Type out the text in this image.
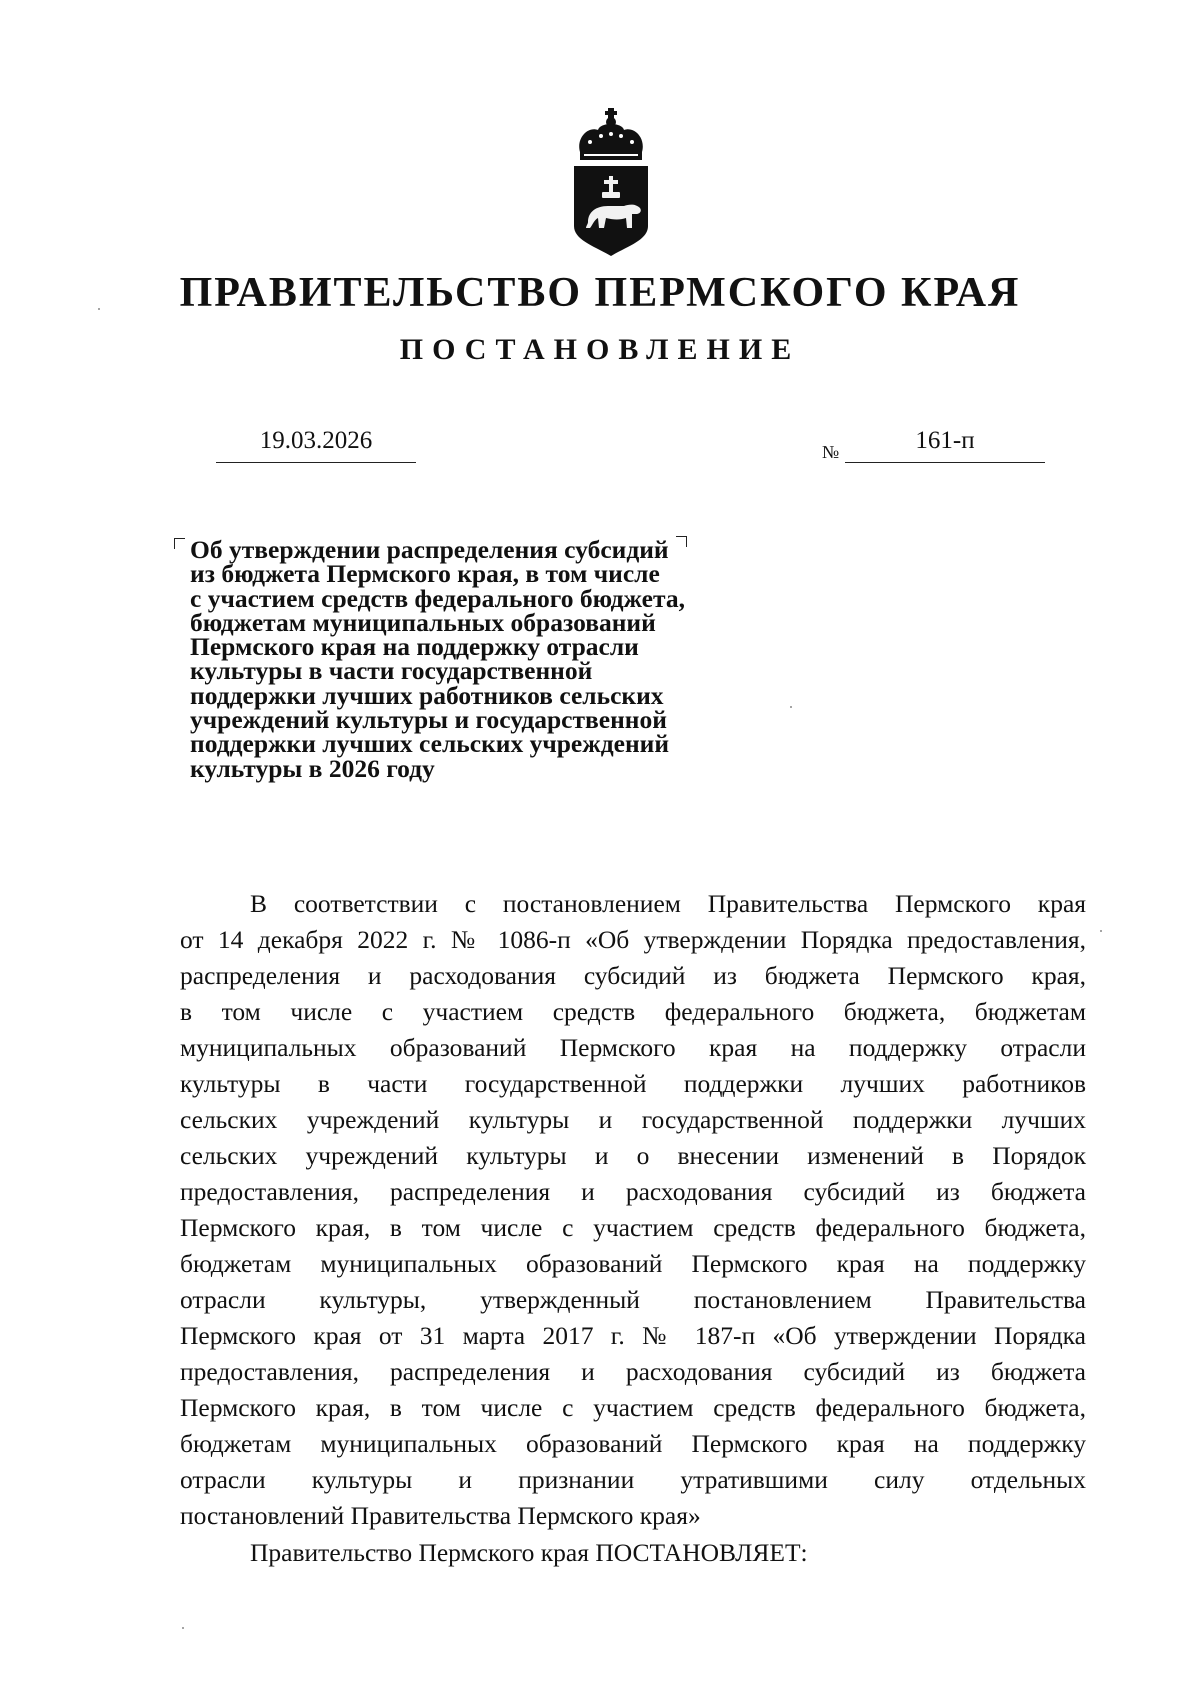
ПРАВИТЕЛЬСТВО ПЕРМСКОГО КРАЯ
ПОСТАНОВЛЕНИЕ
19.03.2026	№	161-п
Об утверждении распределения субсидий
из бюджета Пермского края, в том числе
с участием средств федерального бюджета,
бюджетам муниципальных образований
Пермского края на поддержку отрасли
культуры в части государственной
поддержки лучших работников сельских
учреждений культуры и государственной
поддержки лучших сельских учреждений
культуры в 2026 году
В соответствии с постановлением Правительства Пермского края
от 14 декабря 2022 г. № 1086-п «Об утверждении Порядка предоставления,
распределения и расходования субсидий из бюджета Пермского края,
в том числе с участием средств федерального бюджета, бюджетам
муниципальных образований Пермского края на поддержку отрасли
культуры в части государственной поддержки лучших работников
сельских учреждений культуры и государственной поддержки лучших
сельских учреждений культуры и о внесении изменений в Порядок
предоставления, распределения и расходования субсидий из бюджета
Пермского края, в том числе с участием средств федерального бюджета,
бюджетам муниципальных образований Пермского края на поддержку
отрасли культуры, утвержденный постановлением Правительства
Пермского края от 31 марта 2017 г. № 187-п «Об утверждении Порядка
предоставления, распределения и расходования субсидий из бюджета
Пермского края, в том числе с участием средств федерального бюджета,
бюджетам муниципальных образований Пермского края на поддержку
отрасли культуры и признании утратившими силу отдельных
постановлений Правительства Пермского края»
Правительство Пермского края ПОСТАНОВЛЯЕТ:
